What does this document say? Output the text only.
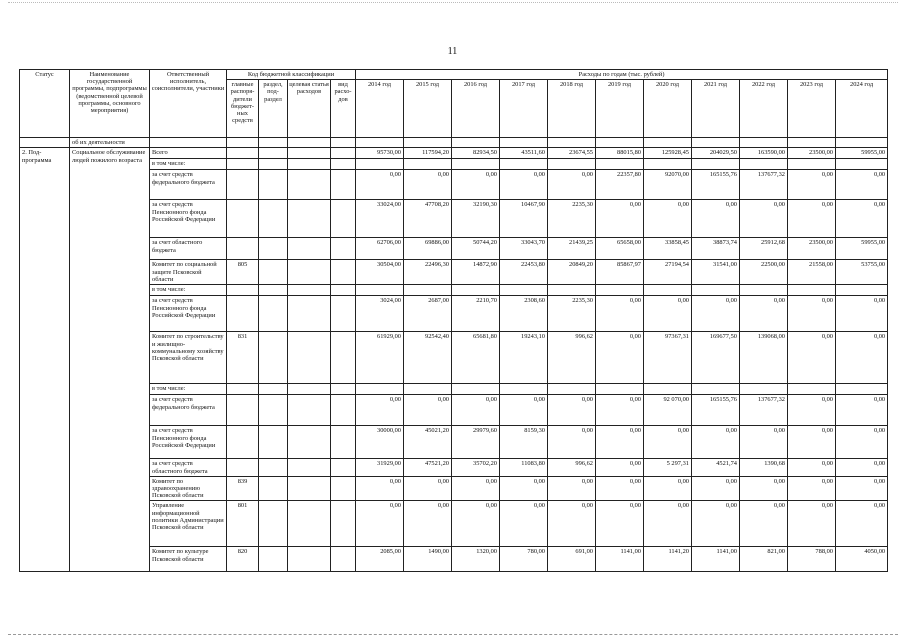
11
Статус	Наименование государственной программы, подпрограммы (ведомственной целевой программы, основного мероприятия)	Ответственный исполнитель, соисполнители, участники	Код бюджетной классификации				Расходы по годам (тыс. рублей)										
			главные распоря-дители бюджет-ных средств	раздел, под-раздел	целевая статья расходов	вид расхо-дов	2014 год	2015 год	2016 год	2017 год	2018 год	2019 год	2020 год	2021 год	2022 год	2023 год	2024 год
	об их деятельности																
2. Под-программа	Социальное обслуживание людей пожилого возраста	Всего					95730,00	117594,20	82934,50	43511,60	23674,55	88015,80	125928,45	204029,50	163590,00	23500,00	59955,00
		в том числе:															
		за счет средств федерального бюджета					0,00	0,00	0,00	0,00	0,00	22357,80	92070,00	165155,76	137677,32	0,00	0,00
		за счет средств Пенсионного фонда Российской Федерации					33024,00	47708,20	32190,30	10467,90	2235,30	0,00	0,00	0,00	0,00	0,00	0,00
		за счет областного бюджета					62706,00	69886,00	50744,20	33043,70	21439,25	65658,00	33858,45	38873,74	25912,68	23500,00	59955,00
		Комитет по социальной защите Псковской области	805				30504,00	22496,30	14872,90	22453,80	20849,20	85867,97	27194,54	31541,00	22500,00	21558,00	53755,00
		в том числе:															
		за счет средств Пенсионного фонда Российской Федерации					3024,00	2687,00	2210,70	2308,60	2235,30	0,00	0,00	0,00	0,00	0,00	0,00
		Комитет по строительству и жилищно-коммунальному хозяйству Псковской области	831				61929,00	92542,40	65681,80	19243,10	996,62	0,00	97367,31	169677,50	139068,00	0,00	0,00
		в том числе:															
		за счет средств федерального бюджета					0,00	0,00	0,00	0,00	0,00	0,00	92 070,00	165155,76	137677,32	0,00	0,00
		за счет средств Пенсионного фонда Российской Федерации					30000,00	45021,20	29979,60	8159,30	0,00	0,00	0,00	0,00	0,00	0,00	0,00
		за счет средств областного бюджета					31929,00	47521,20	35702,20	11083,80	996,62	0,00	5 297,31	4521,74	1390,68	0,00	0,00
		Комитет по здравоохранению Псковской области	839				0,00	0,00	0,00	0,00	0,00	0,00	0,00	0,00	0,00	0,00	0,00
		Управление информационной политики Администрации Псковской области	801				0,00	0,00	0,00	0,00	0,00	0,00	0,00	0,00	0,00	0,00	0,00
		Комитет по культуре Псковской области	820				2085,00	1490,00	1320,00	780,00	691,00	1141,00	1141,20	1141,00	821,00	788,00	4050,00
